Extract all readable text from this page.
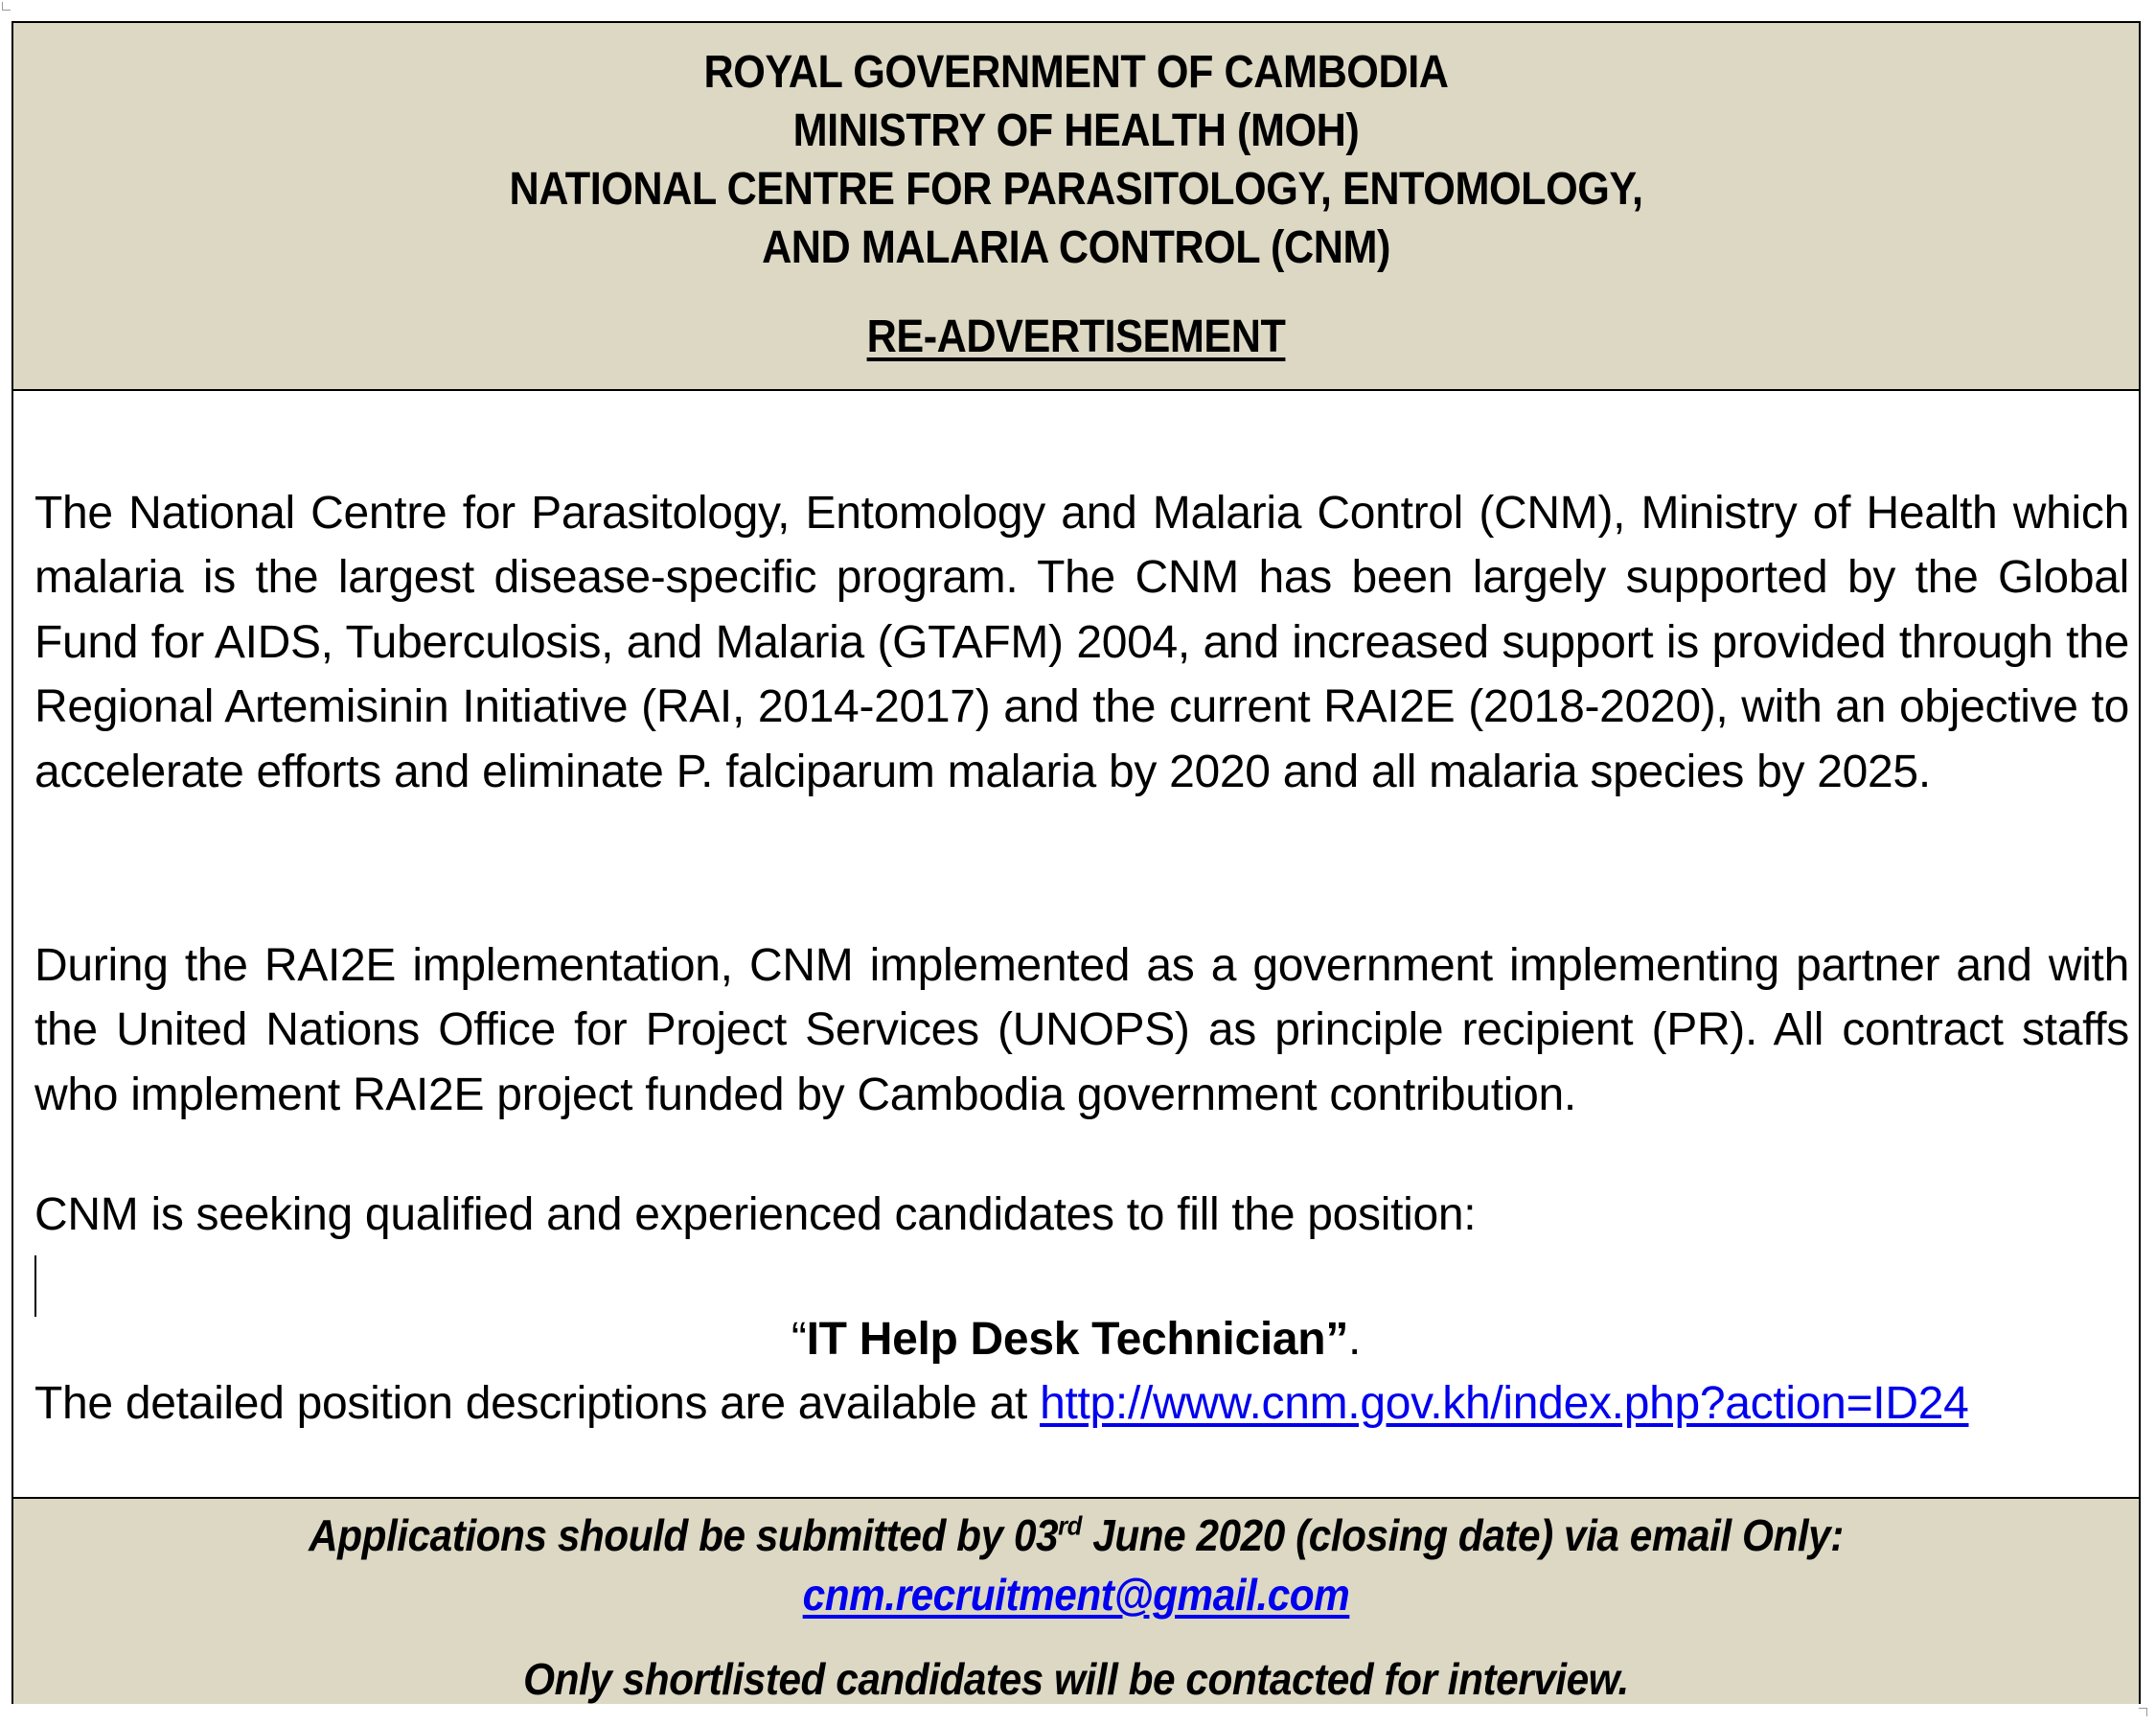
ROYAL GOVERNMENT OF CAMBODIA
MINISTRY OF HEALTH (MOH)
NATIONAL CENTRE FOR PARASITOLOGY, ENTOMOLOGY,
AND MALARIA CONTROL (CNM)
RE-ADVERTISEMENT
The National Centre for Parasitology, Entomology and Malaria Control (CNM), Ministry of Health which malaria is the largest disease-specific program. The CNM has been largely supported by the Global Fund for AIDS, Tuberculosis, and Malaria (GTAFM) 2004, and increased support is provided through the Regional Artemisinin Initiative (RAI, 2014-2017) and the current RAI2E (2018-2020), with an objective to accelerate efforts and eliminate P. falciparum malaria by 2020 and all malaria species by 2025.
During the RAI2E implementation, CNM implemented as a government implementing partner and with the United Nations Office for Project Services (UNOPS) as principle recipient (PR). All contract staffs who implement RAI2E project funded by Cambodia government contribution.
CNM is seeking qualified and experienced candidates to fill the position:
“IT Help Desk Technician”.
The detailed position descriptions are available at http://www.cnm.gov.kh/index.php?action=ID24
Applications should be submitted by 03rd June 2020 (closing date) via email Only:
cnm.recruitment@gmail.com
Only shortlisted candidates will be contacted for interview.
